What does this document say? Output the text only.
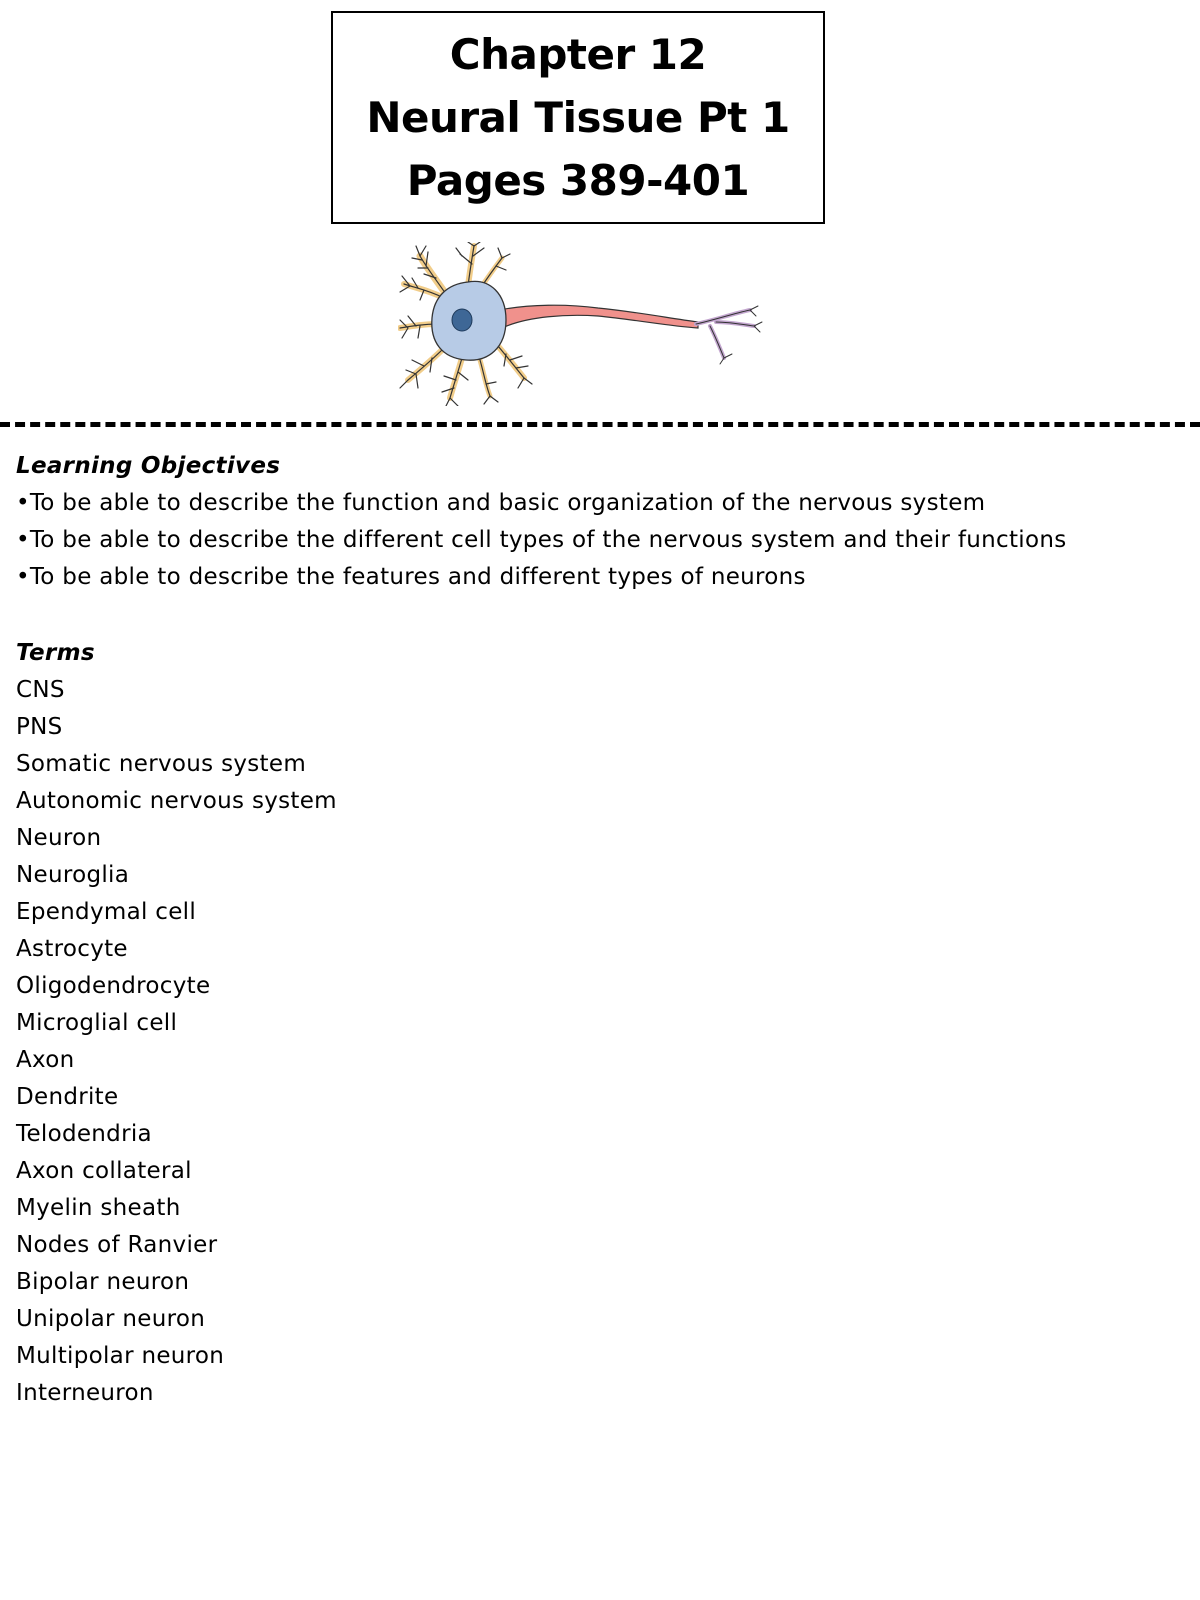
Chapter 12
Neural Tissue Pt 1
Pages 389-401
Learning Objectives
•To be able to describe the function and basic organization of the nervous system
•To be able to describe the different cell types of the nervous system and their functions
•To be able to describe the features and different types of neurons
Terms
CNS
PNS
Somatic nervous system
Autonomic nervous system
Neuron
Neuroglia
Ependymal cell
Astrocyte
Oligodendrocyte
Microglial cell
Axon
Dendrite
Telodendria
Axon collateral
Myelin sheath
Nodes of Ranvier
Bipolar neuron
Unipolar neuron
Multipolar neuron
Interneuron
